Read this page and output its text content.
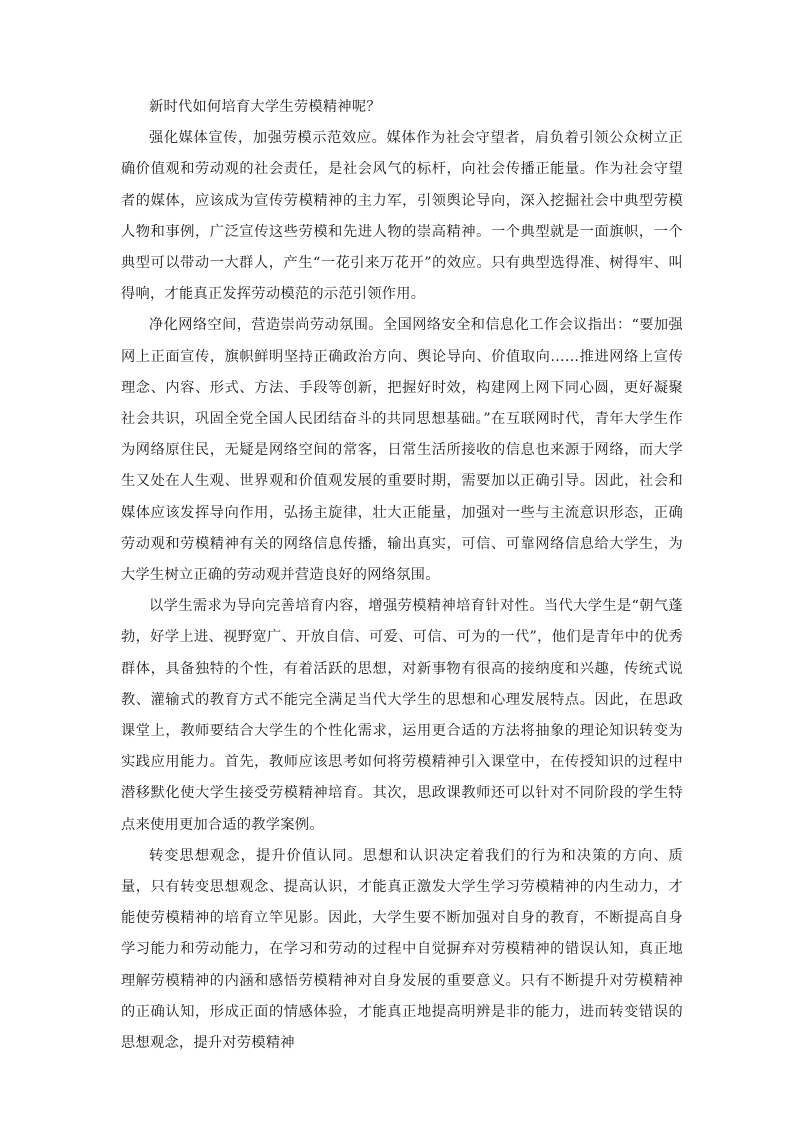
新时代如何培育大学生劳模精神呢？

强化媒体宣传，加强劳模示范效应。媒体作为社会守望者，肩负着引领公众树立正确价值观和劳动观的社会责任，是社会风气的标杆，向社会传播正能量。作为社会守望者的媒体，应该成为宣传劳模精神的主力军，引领舆论导向，深入挖掘社会中典型劳模人物和事例，广泛宣传这些劳模和先进人物的崇高精神。一个典型就是一面旗帜，一个典型可以带动一大群人，产生“一花引来万花开”的效应。只有典型选得准、树得牢、叫得响，才能真正发挥劳动模范的示范引领作用。

净化网络空间，营造崇尚劳动氛围。全国网络安全和信息化工作会议指出：“要加强网上正面宣传，旗帜鲜明坚持正确政治方向、舆论导向、价值取向……推进网络上宣传理念、内容、形式、方法、手段等创新，把握好时效，构建网上网下同心圆，更好凝聚社会共识，巩固全党全国人民团结奋斗的共同思想基础。”在互联网时代，青年大学生作为网络原住民，无疑是网络空间的常客，日常生活所接收的信息也来源于网络，而大学生又处在人生观、世界观和价值观发展的重要时期，需要加以正确引导。因此，社会和媒体应该发挥导向作用，弘扬主旋律，壮大正能量，加强对一些与主流意识形态，正确劳动观和劳模精神有关的网络信息传播，输出真实，可信、可靠网络信息给大学生，为大学生树立正确的劳动观并营造良好的网络氛围。

以学生需求为导向完善培育内容，增强劳模精神培育针对性。当代大学生是“朝气蓬勃，好学上进、视野宽广、开放自信、可爱、可信、可为的一代”，他们是青年中的优秀群体，具备独特的个性，有着活跃的思想，对新事物有很高的接纳度和兴趣，传统式说教、灌输式的教育方式不能完全满足当代大学生的思想和心理发展特点。因此，在思政课堂上，教师要结合大学生的个性化需求，运用更合适的方法将抽象的理论知识转变为实践应用能力。首先，教师应该思考如何将劳模精神引入课堂中，在传授知识的过程中潜移默化使大学生接受劳模精神培育。其次，思政课教师还可以针对不同阶段的学生特点来使用更加合适的教学案例。

转变思想观念，提升价值认同。思想和认识决定着我们的行为和决策的方向、质量，只有转变思想观念、提高认识，才能真正激发大学生学习劳模精神的内生动力，才能使劳模精神的培育立竿见影。因此，大学生要不断加强对自身的教育，不断提高自身学习能力和劳动能力，在学习和劳动的过程中自觉摒弃对劳模精神的错误认知，真正地理解劳模精神的内涵和感悟劳模精神对自身发展的重要意义。只有不断提升对劳模精神的正确认知，形成正面的情感体验，才能真正地提高明辨是非的能力，进而转变错误的思想观念，提升对劳模精神
